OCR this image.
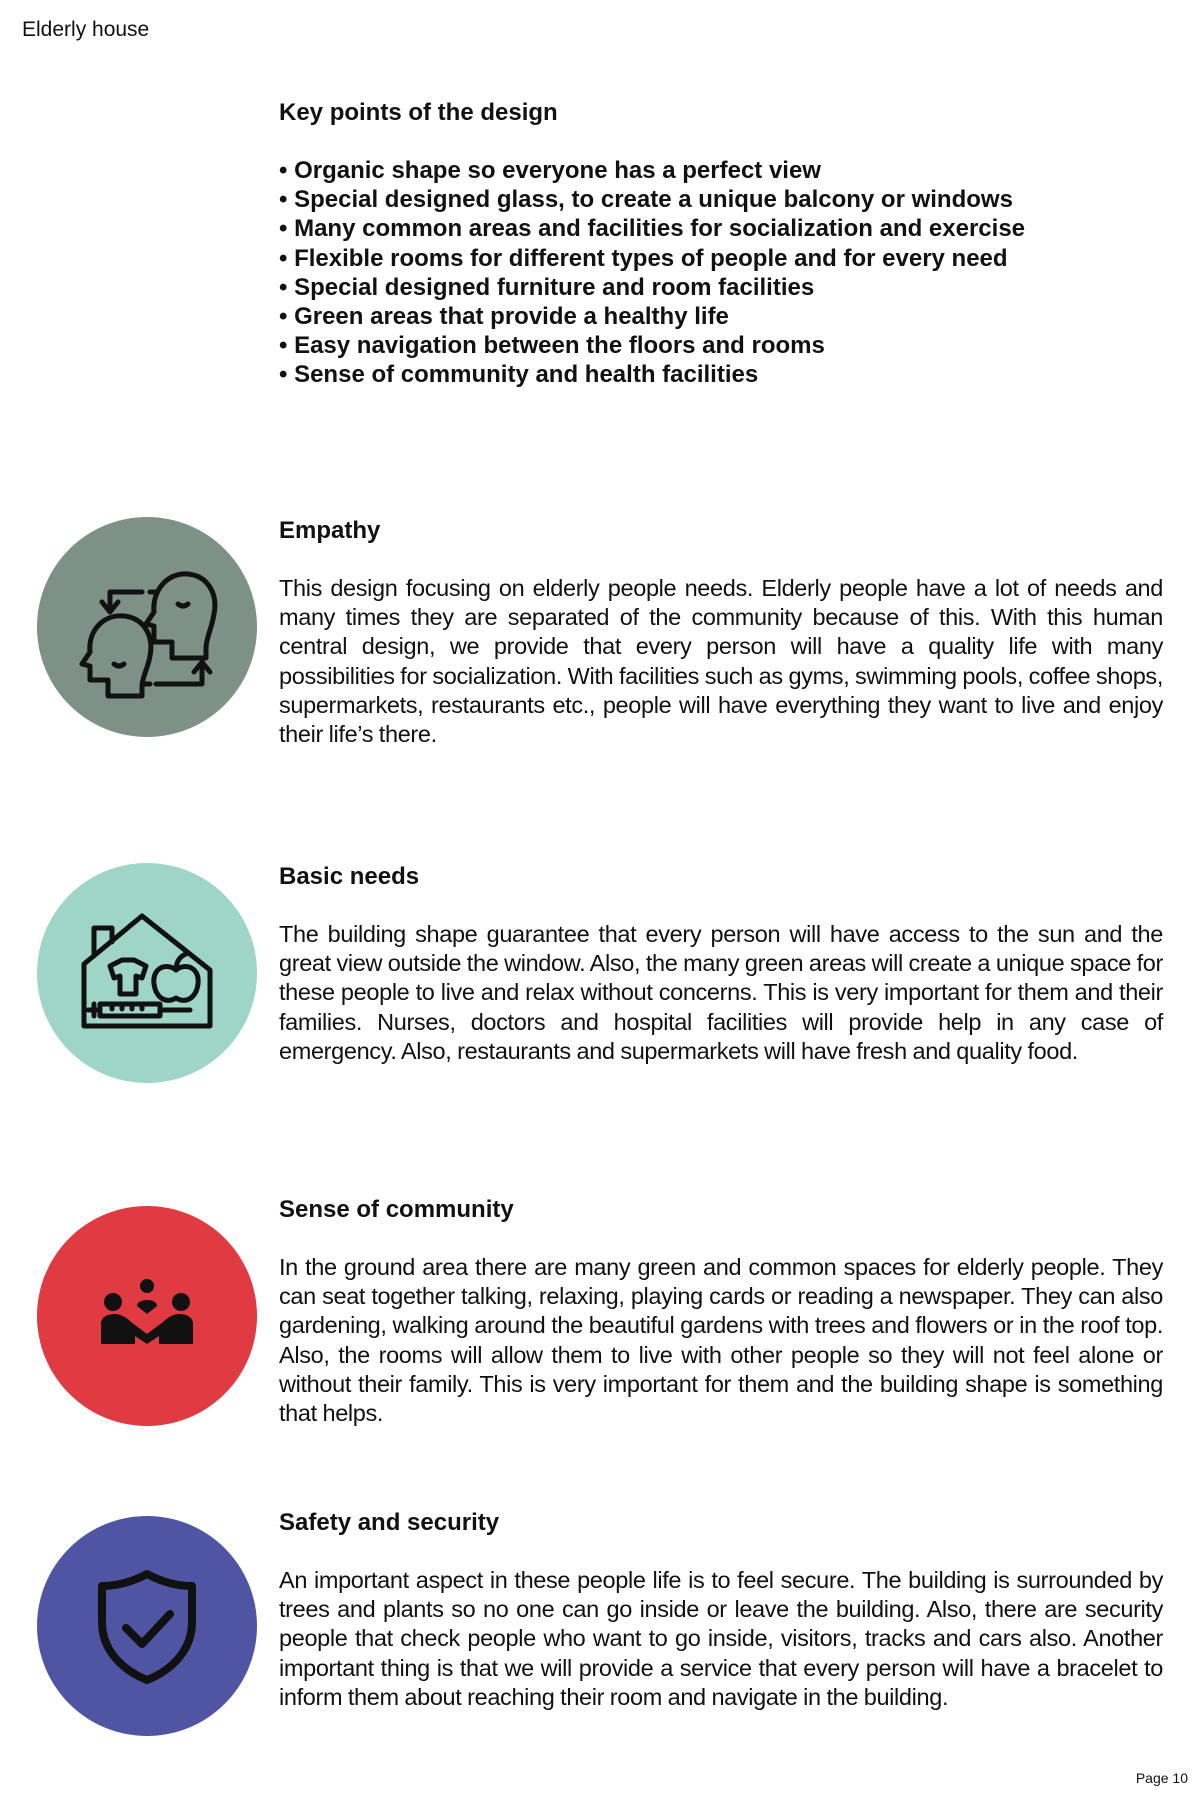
Elderly house
Key points of the design
• Organic shape so everyone has a perfect view
• Special designed glass, to create a unique balcony or windows
• Many common areas and facilities for socialization and exercise
• Flexible rooms for different types of people and for every need
• Special designed furniture and room facilities
• Green areas that provide a healthy life
• Easy navigation between the floors and rooms
• Sense of community and health facilities
Empathy

This design focusing on elderly people needs. Elderly people have a lot of needs and many times they are separated of the community because of this. With this human central design, we provide that every person will have a quality life with many possibilities for socialization. With facilities such as gyms, swimming pools, coffee shops, supermarkets, restaurants etc., people will have everything they want to live and enjoy their life’s there.

Basic needs

The building shape guarantee that every person will have access to the sun and the great view outside the window. Also, the many green areas will create a unique space for these people to live and relax without concerns. This is very important for them and their families. Nurses, doctors and hospital facilities will provide help in any case of emergency. Also, restaurants and supermarkets will have fresh and quality food.

Sense of community

In the ground area there are many green and common spaces for elderly people. They can seat together talking, relaxing, playing cards or reading a newspaper. They can also gardening, walking around the beautiful gardens with trees and flowers or in the roof top. Also, the rooms will allow them to live with other people so they will not feel alone or without their family. This is very important for them and the building shape is something that helps.

Safety and security

An important aspect in these people life is to feel secure. The building is surrounded by trees and plants so no one can go inside or leave the building. Also, there are security people that check people who want to go inside, visitors, tracks and cars also. Another important thing is that we will provide a service that every person will have a bracelet to inform them about reaching their room and navigate in the building.

Page 10
